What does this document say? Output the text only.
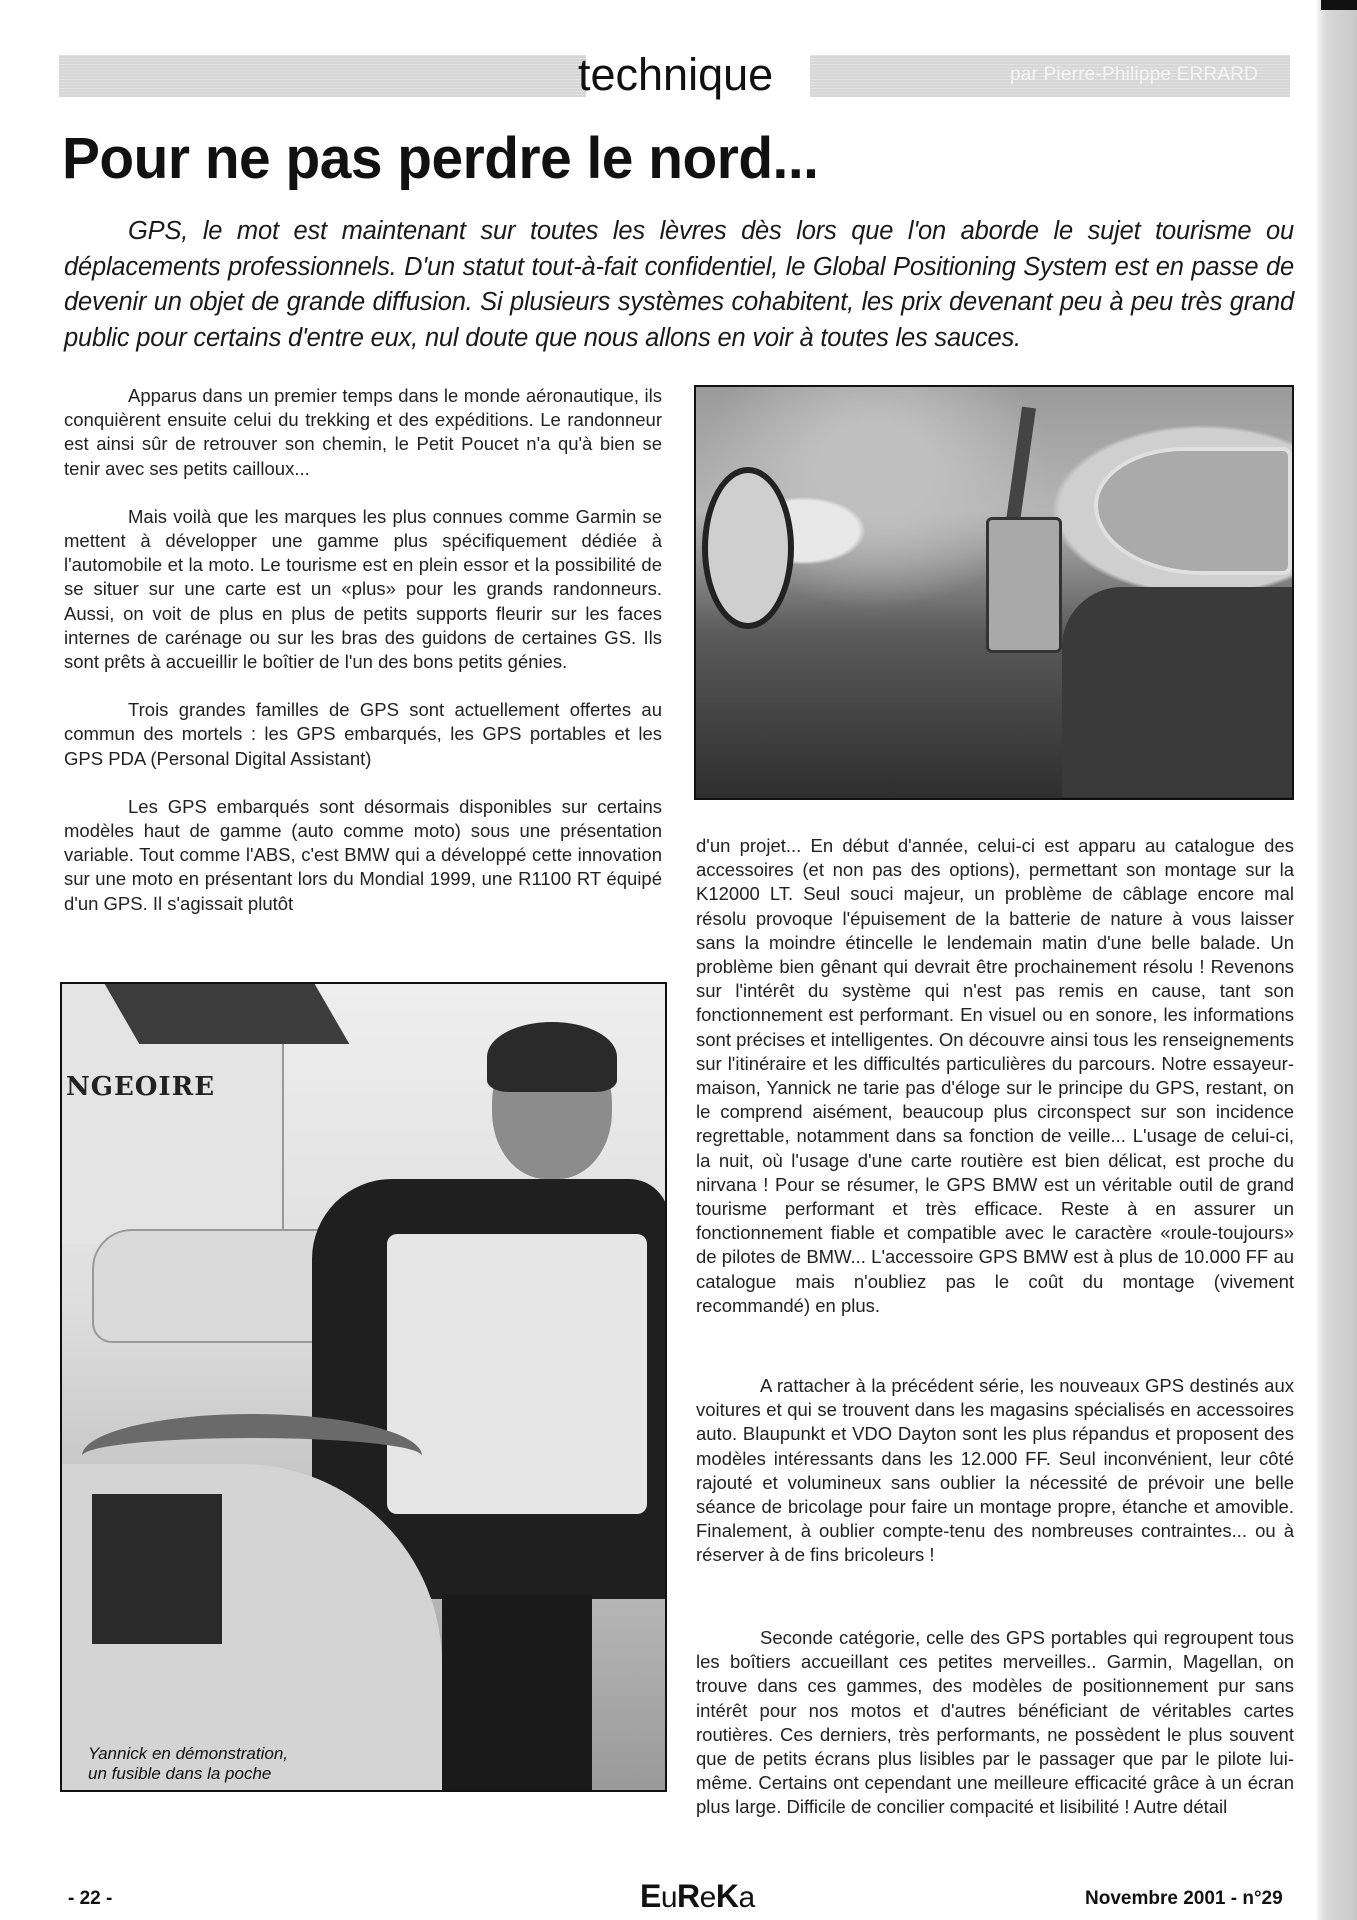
technique	par Pierre-Philippe ERRARD
Pour ne pas perdre le nord...

GPS, le mot est maintenant sur toutes les lèvres dès lors que l'on aborde le sujet tourisme ou déplacements professionnels. D'un statut tout-à-fait confidentiel, le Global Positioning System est en passe de devenir un objet de grande diffusion. Si plusieurs systèmes cohabitent, les prix devenant peu à peu très grand public pour certains d'entre eux, nul doute que nous allons en voir à toutes les sauces.

Apparus dans un premier temps dans le monde aéronautique, ils conquièrent ensuite celui du trekking et des expéditions. Le randonneur est ainsi sûr de retrouver son chemin, le Petit Poucet n'a qu'à bien se tenir avec ses petits cailloux...

Mais voilà que les marques les plus connues comme Garmin se mettent à développer une gamme plus spécifiquement dédiée à l'automobile et la moto. Le tourisme est en plein essor et la possibilité de se situer sur une carte est un «plus» pour les grands randonneurs. Aussi, on voit de plus en plus de petits supports fleurir sur les faces internes de carénage ou sur les bras des guidons de certaines GS. Ils sont prêts à accueillir le boîtier de l'un des bons petits génies.

Trois grandes familles de GPS sont actuellement offertes au commun des mortels : les GPS embarqués, les GPS portables et les GPS PDA (Personal Digital Assistant)

Les GPS embarqués sont désormais disponibles sur certains modèles haut de gamme (auto comme moto) sous une présentation variable. Tout comme l'ABS, c'est BMW qui a développé cette innovation sur une moto en présentant lors du Mondial 1999, une R1100 RT équipé d'un GPS. Il s'agissait plutôt

d'un projet... En début d'année, celui-ci est apparu au catalogue des accessoires (et non pas des options), permettant son montage sur la K12000 LT. Seul souci majeur, un problème de câblage encore mal résolu provoque l'épuisement de la batterie de nature à vous laisser sans la moindre étincelle le lendemain matin d'une belle balade. Un problème bien gênant qui devrait être prochainement résolu ! Revenons sur l'intérêt du système qui n'est pas remis en cause, tant son fonctionnement est performant. En visuel ou en sonore, les informations sont précises et intelligentes. On découvre ainsi tous les renseignements sur l'itinéraire et les difficultés particulières du parcours. Notre essayeur-maison, Yannick ne tarie pas d'éloge sur le principe du GPS, restant, on le comprend aisément, beaucoup plus circonspect sur son incidence regrettable, notamment dans sa fonction de veille... L'usage de celui-ci, la nuit, où l'usage d'une carte routière est bien délicat, est proche du nirvana ! Pour se résumer, le GPS BMW est un véritable outil de grand tourisme performant et très efficace. Reste à en assurer un fonctionnement fiable et compatible avec le caractère «roule-toujours» de pilotes de BMW... L'accessoire GPS BMW est à plus de 10.000 FF au catalogue mais n'oubliez pas le coût du montage (vivement recommandé) en plus.

A rattacher à la précédent série, les nouveaux GPS destinés aux voitures et qui se trouvent dans les magasins spécialisés en accessoires auto. Blaupunkt et VDO Dayton sont les plus répandus et proposent des modèles intéressants dans les 12.000 FF. Seul inconvénient, leur côté rajouté et volumineux sans oublier la nécessité de prévoir une belle séance de bricolage pour faire un montage propre, étanche et amovible. Finalement, à oublier compte-tenu des nombreuses contraintes... ou à réserver à de fins bricoleurs !

Seconde catégorie, celle des GPS portables qui regroupent tous les boîtiers accueillant ces petites merveilles.. Garmin, Magellan, on trouve dans ces gammes, des modèles de positionnement pur sans intérêt pour nos motos et d'autres bénéficiant de véritables cartes routières. Ces derniers, très performants, ne possèdent le plus souvent que de petits écrans plus lisibles par le passager que par le pilote lui-même. Certains ont cependant une meilleure efficacité grâce à un écran plus large. Difficile de concilier compacité et lisibilité ! Autre détail

NGEOIRE
Yannick en démonstration,
un fusible dans la poche
- 22 -	EuReKa	Novembre 2001 - n°29
